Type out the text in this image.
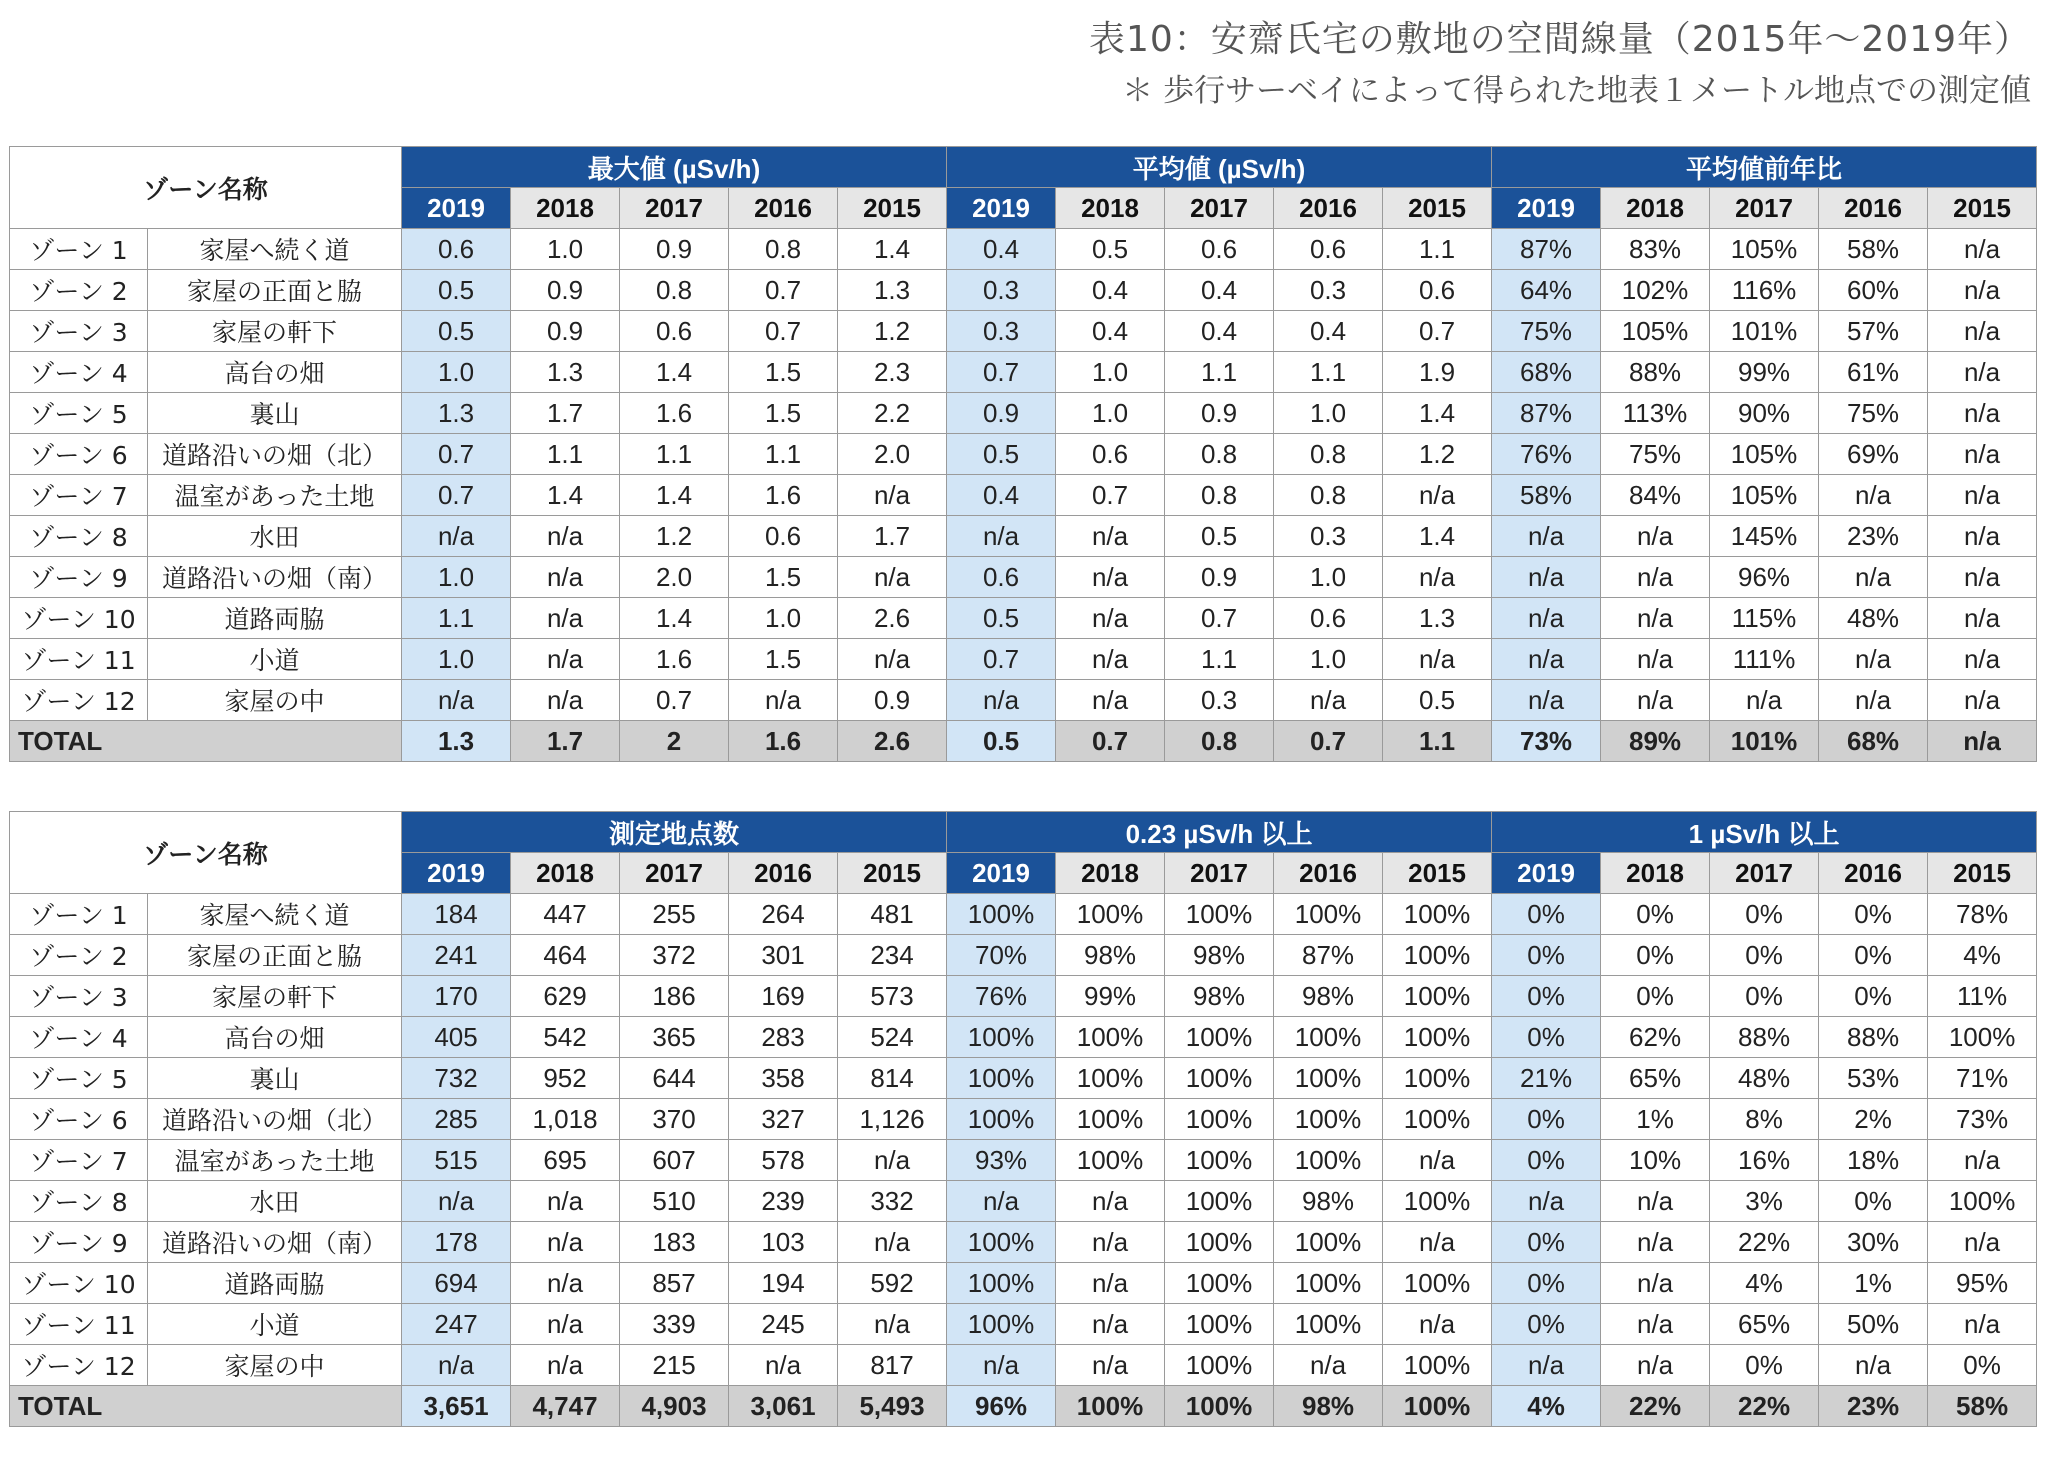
表10：安齋氏宅の敷地の空間線量（2015年〜2019年）
＊ 歩行サーベイによって得られた地表１メートル地点での測定値
ゾーン名称		最大値 (µSv/h)					平均値 (µSv/h)					平均値前年比				
		2019	2018	2017	2016	2015	2019	2018	2017	2016	2015	2019	2018	2017	2016	2015
ゾーン 1	家屋へ続く道	0.6	1.0	0.9	0.8	1.4	0.4	0.5	0.6	0.6	1.1	87%	83%	105%	58%	n/a
ゾーン 2	家屋の正面と脇	0.5	0.9	0.8	0.7	1.3	0.3	0.4	0.4	0.3	0.6	64%	102%	116%	60%	n/a
ゾーン 3	家屋の軒下	0.5	0.9	0.6	0.7	1.2	0.3	0.4	0.4	0.4	0.7	75%	105%	101%	57%	n/a
ゾーン 4	高台の畑	1.0	1.3	1.4	1.5	2.3	0.7	1.0	1.1	1.1	1.9	68%	88%	99%	61%	n/a
ゾーン 5	裏山	1.3	1.7	1.6	1.5	2.2	0.9	1.0	0.9	1.0	1.4	87%	113%	90%	75%	n/a
ゾーン 6	道路沿いの畑（北）	0.7	1.1	1.1	1.1	2.0	0.5	0.6	0.8	0.8	1.2	76%	75%	105%	69%	n/a
ゾーン 7	温室があった土地	0.7	1.4	1.4	1.6	n/a	0.4	0.7	0.8	0.8	n/a	58%	84%	105%	n/a	n/a
ゾーン 8	水田	n/a	n/a	1.2	0.6	1.7	n/a	n/a	0.5	0.3	1.4	n/a	n/a	145%	23%	n/a
ゾーン 9	道路沿いの畑（南）	1.0	n/a	2.0	1.5	n/a	0.6	n/a	0.9	1.0	n/a	n/a	n/a	96%	n/a	n/a
ゾーン 10	道路両脇	1.1	n/a	1.4	1.0	2.6	0.5	n/a	0.7	0.6	1.3	n/a	n/a	115%	48%	n/a
ゾーン 11	小道	1.0	n/a	1.6	1.5	n/a	0.7	n/a	1.1	1.0	n/a	n/a	n/a	111%	n/a	n/a
ゾーン 12	家屋の中	n/a	n/a	0.7	n/a	0.9	n/a	n/a	0.3	n/a	0.5	n/a	n/a	n/a	n/a	n/a
TOTAL		1.3	1.7	2	1.6	2.6	0.5	0.7	0.8	0.7	1.1	73%	89%	101%	68%	n/a
ゾーン名称		測定地点数					0.23 µSv/h 以上					1 µSv/h 以上				
		2019	2018	2017	2016	2015	2019	2018	2017	2016	2015	2019	2018	2017	2016	2015
ゾーン 1	家屋へ続く道	184	447	255	264	481	100%	100%	100%	100%	100%	0%	0%	0%	0%	78%
ゾーン 2	家屋の正面と脇	241	464	372	301	234	70%	98%	98%	87%	100%	0%	0%	0%	0%	4%
ゾーン 3	家屋の軒下	170	629	186	169	573	76%	99%	98%	98%	100%	0%	0%	0%	0%	11%
ゾーン 4	高台の畑	405	542	365	283	524	100%	100%	100%	100%	100%	0%	62%	88%	88%	100%
ゾーン 5	裏山	732	952	644	358	814	100%	100%	100%	100%	100%	21%	65%	48%	53%	71%
ゾーン 6	道路沿いの畑（北）	285	1,018	370	327	1,126	100%	100%	100%	100%	100%	0%	1%	8%	2%	73%
ゾーン 7	温室があった土地	515	695	607	578	n/a	93%	100%	100%	100%	n/a	0%	10%	16%	18%	n/a
ゾーン 8	水田	n/a	n/a	510	239	332	n/a	n/a	100%	98%	100%	n/a	n/a	3%	0%	100%
ゾーン 9	道路沿いの畑（南）	178	n/a	183	103	n/a	100%	n/a	100%	100%	n/a	0%	n/a	22%	30%	n/a
ゾーン 10	道路両脇	694	n/a	857	194	592	100%	n/a	100%	100%	100%	0%	n/a	4%	1%	95%
ゾーン 11	小道	247	n/a	339	245	n/a	100%	n/a	100%	100%	n/a	0%	n/a	65%	50%	n/a
ゾーン 12	家屋の中	n/a	n/a	215	n/a	817	n/a	n/a	100%	n/a	100%	n/a	n/a	0%	n/a	0%
TOTAL		3,651	4,747	4,903	3,061	5,493	96%	100%	100%	98%	100%	4%	22%	22%	23%	58%
